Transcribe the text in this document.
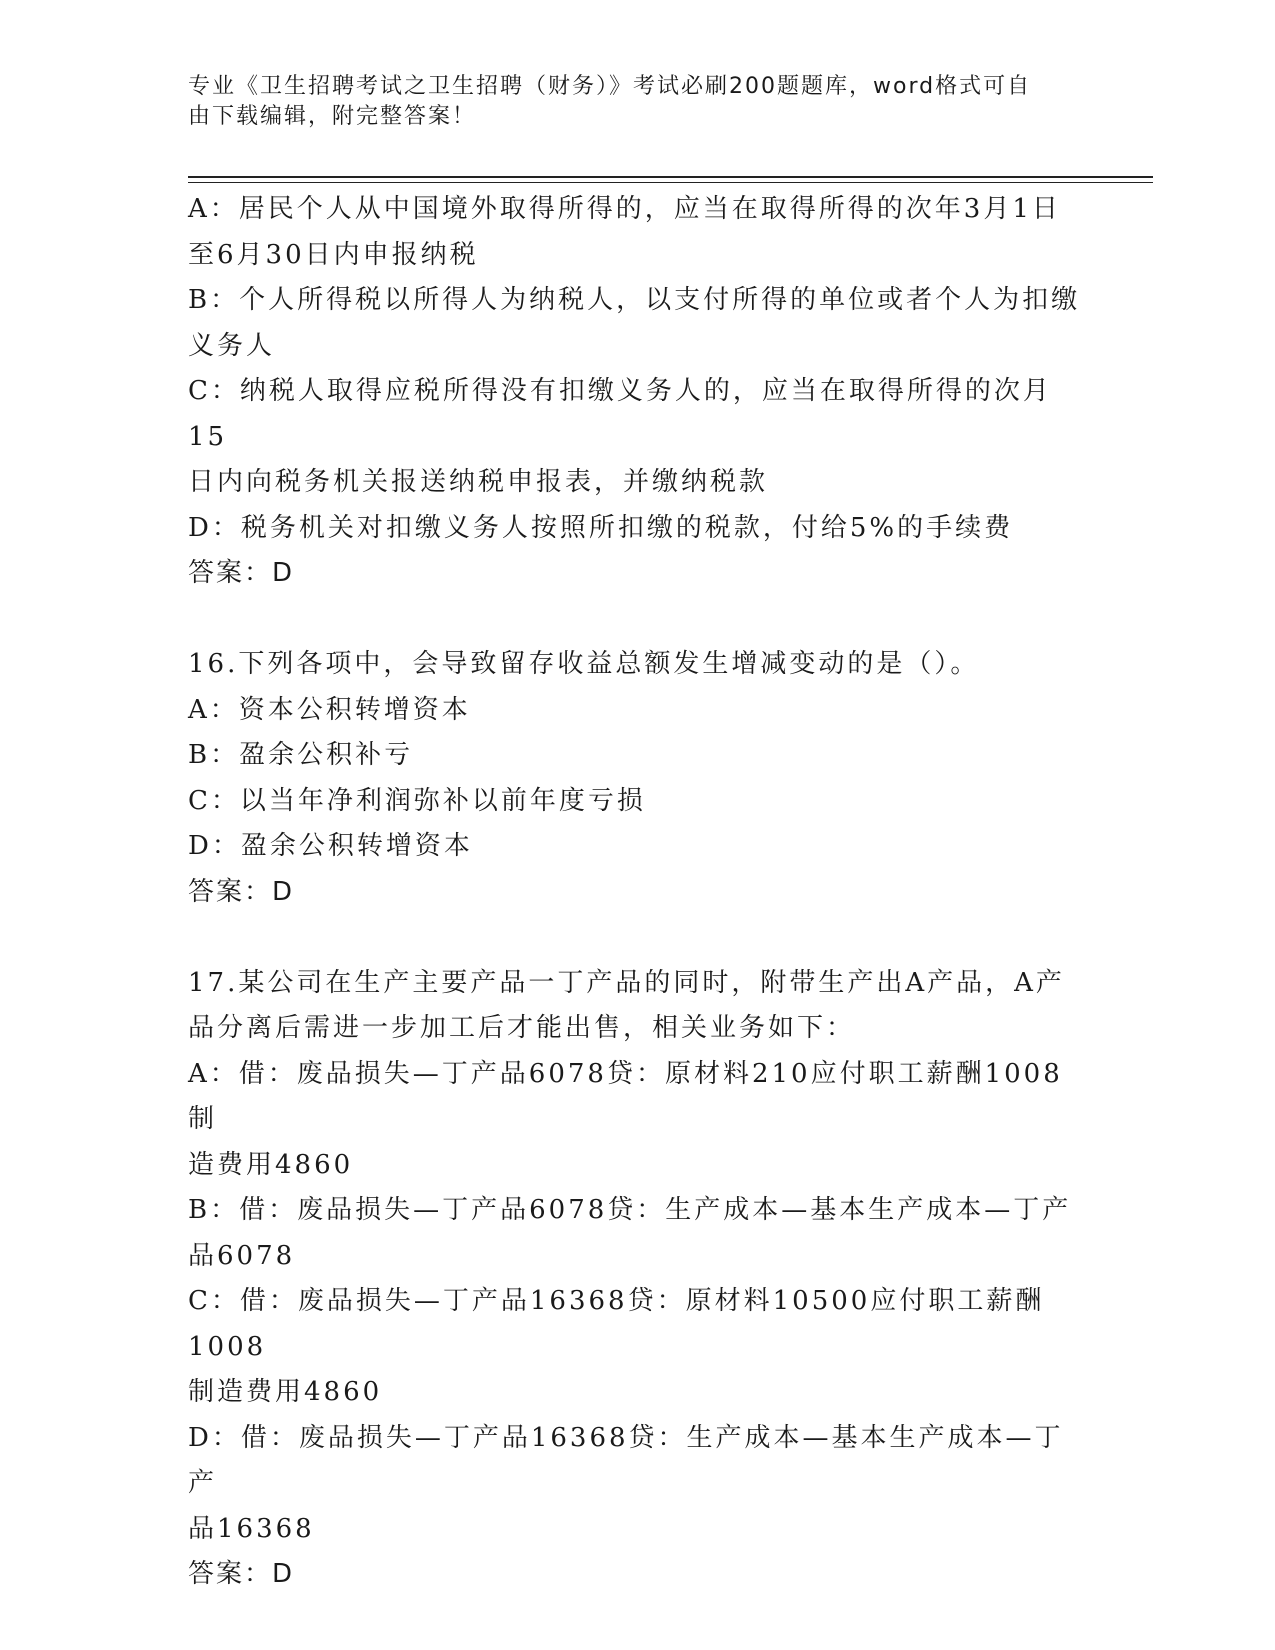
专业《卫生招聘考试之卫生招聘（财务）》考试必刷200题题库，word格式可自
由下载编辑，附完整答案！

A：居民个人从中国境外取得所得的，应当在取得所得的次年3月1日

至6月30日内申报纳税

B：个人所得税以所得人为纳税人，以支付所得的单位或者个人为扣缴

义务人

C：纳税人取得应税所得没有扣缴义务人的，应当在取得所得的次月15

日内向税务机关报送纳税申报表，并缴纳税款

D：税务机关对扣缴义务人按照所扣缴的税款，付给5%的手续费

答案：D

16.下列各项中，会导致留存收益总额发生增减变动的是（）。

A：资本公积转增资本

B：盈余公积补亏

C：以当年净利润弥补以前年度亏损

D：盈余公积转增资本

答案：D

17.某公司在生产主要产品一丁产品的同时，附带生产出A产品，A产

品分离后需进一步加工后才能出售，相关业务如下：

A：借：废品损失—丁产品6078贷：原材料210应付职工薪酬1008制

造费用4860

B：借：废品损失—丁产品6078贷：生产成本—基本生产成本—丁产

品6078

C：借：废品损失—丁产品16368贷：原材料10500应付职工薪酬1008

制造费用4860

D：借：废品损失—丁产品16368贷：生产成本—基本生产成本—丁产

品16368

答案：D
